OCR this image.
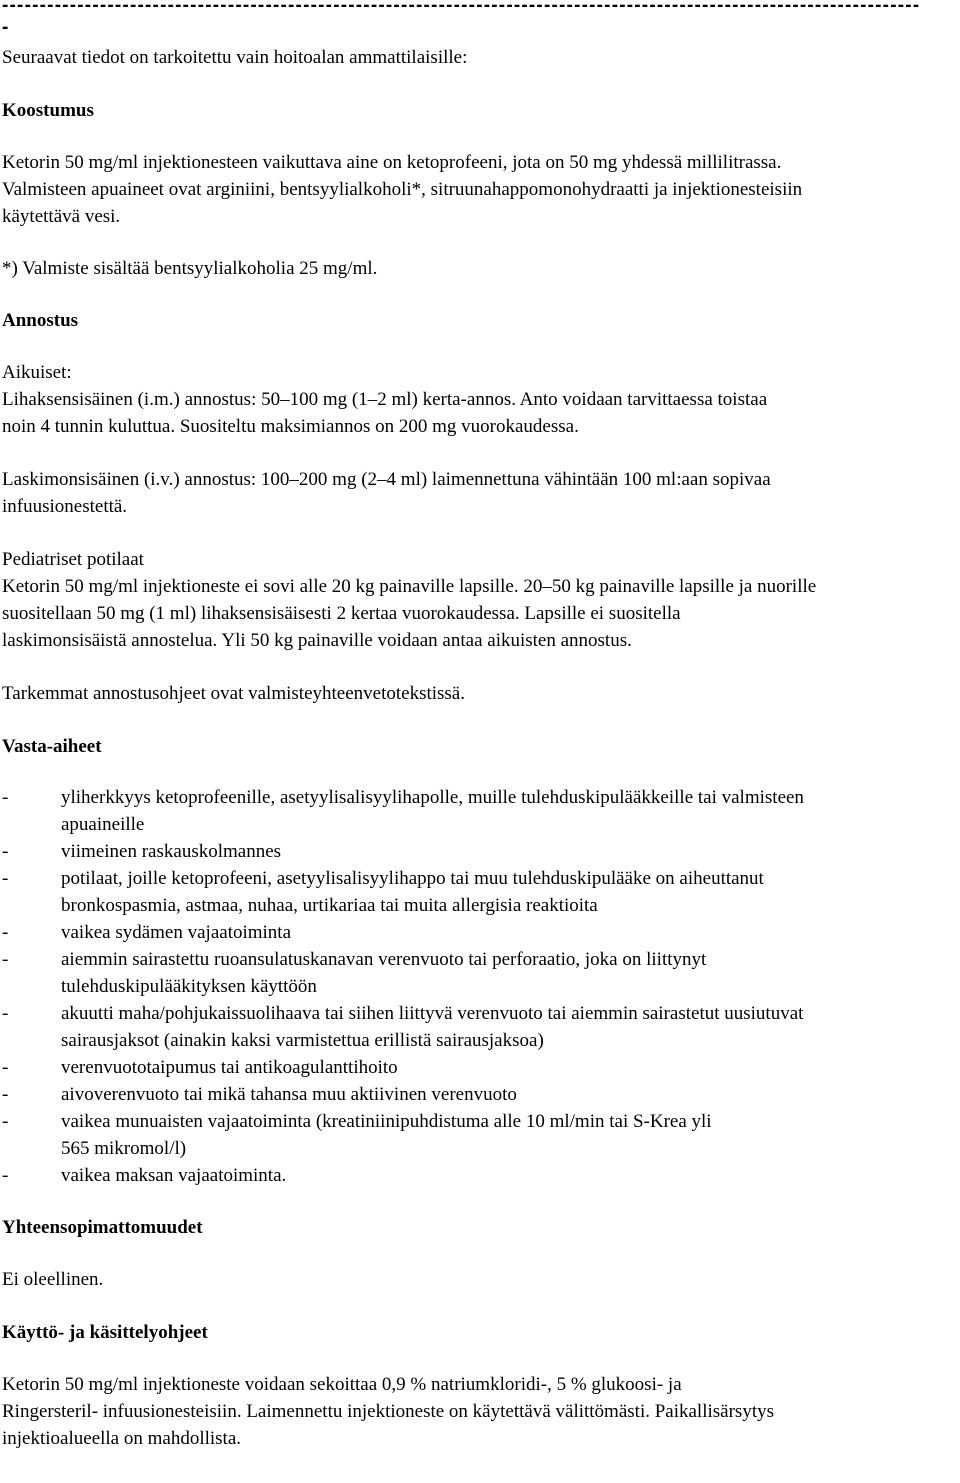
--------------------------------------------------------------------------------------------------------------------------
-

Seuraavat tiedot on tarkoitettu vain hoitoalan ammattilaisille:

Koostumus

Ketorin 50 mg/ml injektionesteen vaikuttava aine on ketoprofeeni, jota on 50 mg yhdessä millilitrassa.

Valmisteen apuaineet ovat arginiini, bentsyylialkoholi*, sitruunahappomonohydraatti ja injektionesteisiin

käytettävä vesi.

*) Valmiste sisältää bentsyylialkoholia 25 mg/ml.

Annostus

Aikuiset:

Lihaksensisäinen (i.m.) annostus: 50–100 mg (1–2 ml) kerta-annos. Anto voidaan tarvittaessa toistaa

noin 4 tunnin kuluttua. Suositeltu maksimiannos on 200 mg vuorokaudessa.

Laskimonsisäinen (i.v.) annostus: 100–200 mg (2–4 ml) laimennettuna vähintään 100 ml:aan sopivaa

infuusionestettä.

Pediatriset potilaat

Ketorin 50 mg/ml injektioneste ei sovi alle 20 kg painaville lapsille. 20–50 kg painaville lapsille ja nuorille

suositellaan 50 mg (1 ml) lihaksensisäisesti 2 kertaa vuorokaudessa. Lapsille ei suositella

laskimonsisäistä annostelua. Yli 50 kg painaville voidaan antaa aikuisten annostus.

Tarkemmat annostusohjeet ovat valmisteyhteenvetotekstissä.

Vasta-aiheet

-	yliherkkyys ketoprofeenille, asetyylisalisyylihapolle, muille tulehduskipulääkkeille tai valmisteen
apuaineille
-	viimeinen raskauskolmannes
-	potilaat, joille ketoprofeeni, asetyylisalisyylihappo tai muu tulehduskipulääke on aiheuttanut
bronkospasmia, astmaa, nuhaa, urtikariaa tai muita allergisia reaktioita
-	vaikea sydämen vajaatoiminta
-	aiemmin sairastettu ruoansulatuskanavan verenvuoto tai perforaatio, joka on liittynyt
tulehduskipulääkityksen käyttöön
-	akuutti maha/pohjukaissuolihaava tai siihen liittyvä verenvuoto tai aiemmin sairastetut uusiutuvat
sairausjaksot (ainakin kaksi varmistettua erillistä sairausjaksoa)
-	verenvuototaipumus tai antikoagulanttihoito
-	aivoverenvuoto tai mikä tahansa muu aktiivinen verenvuoto
-	vaikea munuaisten vajaatoiminta (kreatiniinipuhdistuma alle 10 ml/min tai S-Krea yli
565 mikromol/l)
-	vaikea maksan vajaatoiminta.

Yhteensopimattomuudet

Ei oleellinen.

Käyttö- ja käsittelyohjeet

Ketorin 50 mg/ml injektioneste voidaan sekoittaa 0,9 % natriumkloridi-, 5 % glukoosi- ja

Ringersteril- infuusionesteisiin. Laimennettu injektioneste on käytettävä välittömästi. Paikallisärsytys

injektioalueella on mahdollista.
